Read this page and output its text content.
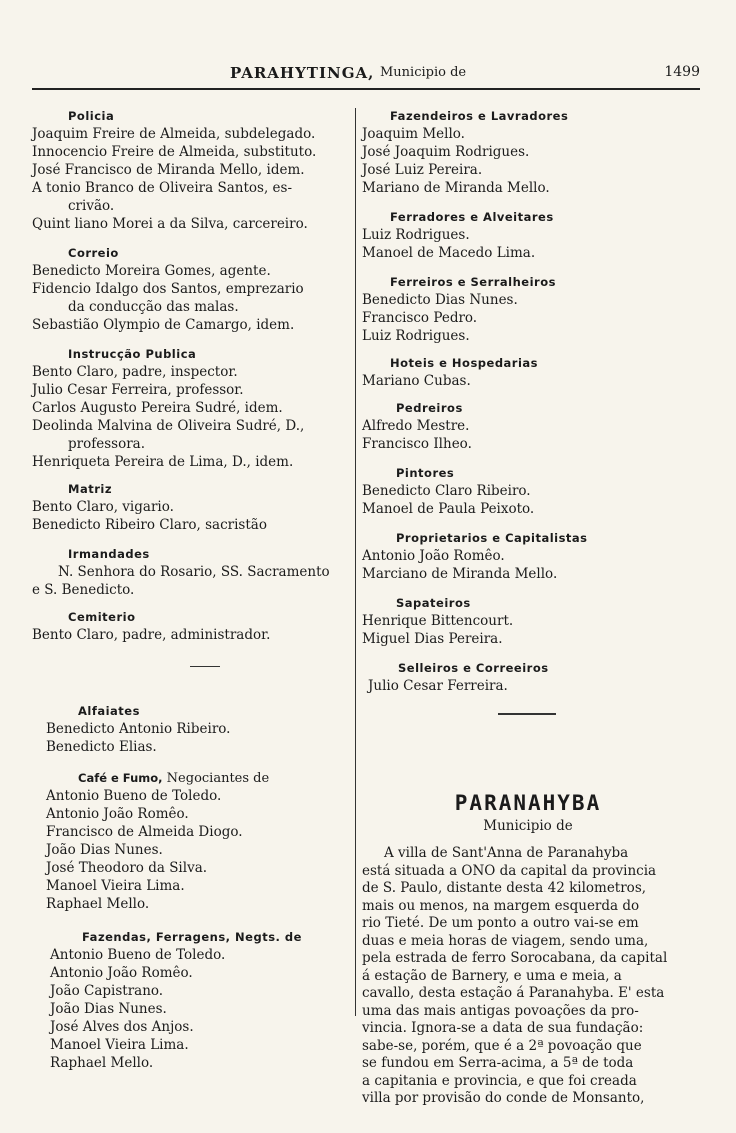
PARAHYTINGA, Municipio de	1499
Policia
Joaquim Freire de Almeida, subdelegado.
Innocencio Freire de Almeida, substituto.
José Francisco de Miranda Mello, idem.
A tonio Branco de Oliveira Santos, es-
crivão.
Quint liano Morei a da Silva, carcereiro.
Correio
Benedicto Moreira Gomes, agente.
Fidencio Idalgo dos Santos, emprezario
da conducção das malas.
Sebastião Olympio de Camargo, idem.
Instrucção Publica
Bento Claro, padre, inspector.
Julio Cesar Ferreira, professor.
Carlos Augusto Pereira Sudré, idem.
Deolinda Malvina de Oliveira Sudré, D.,
professora.
Henriqueta Pereira de Lima, D., idem.
Matriz
Bento Claro, vigario.
Benedicto Ribeiro Claro, sacristão
Irmandades
N. Senhora do Rosario, SS. Sacramento
e S. Benedicto.
Cemiterio
Bento Claro, padre, administrador.
Alfaiates
Benedicto Antonio Ribeiro.
Benedicto Elias.
Café e Fumo, Negociantes de
Antonio Bueno de Toledo.
Antonio João Romêo.
Francisco de Almeida Diogo.
João Dias Nunes.
José Theodoro da Silva.
Manoel Vieira Lima.
Raphael Mello.
Fazendas, Ferragens, Negts. de
Antonio Bueno de Toledo.
Antonio João Romêo.
João Capistrano.
João Dias Nunes.
José Alves dos Anjos.
Manoel Vieira Lima.
Raphael Mello.
Fazendeiros e Lavradores
Joaquim Mello.
José Joaquim Rodrigues.
José Luiz Pereira.
Mariano de Miranda Mello.
Ferradores e Alveitares
Luiz Rodrigues.
Manoel de Macedo Lima.
Ferreiros e Serralheiros
Benedicto Dias Nunes.
Francisco Pedro.
Luiz Rodrigues.
Hoteis e Hospedarias
Mariano Cubas.
Pedreiros
Alfredo Mestre.
Francisco Ilheo.
Pintores
Benedicto Claro Ribeiro.
Manoel de Paula Peixoto.
Proprietarios e Capitalistas
Antonio João Romêo.
Marciano de Miranda Mello.
Sapateiros
Henrique Bittencourt.
Miguel Dias Pereira.
Selleiros e Correeiros
Julio Cesar Ferreira.
PARANAHYBA
Municipio de
A villa de Sant'Anna de Paranahyba
está situada a ONO da capital da provincia
de S. Paulo, distante desta 42 kilometros,
mais ou menos, na margem esquerda do
rio Tieté. De um ponto a outro vai-se em
duas e meia horas de viagem, sendo uma,
pela estrada de ferro Sorocabana, da capital
á estação de Barnery, e uma e meia, a
cavallo, desta estação á Paranahyba. E' esta
uma das mais antigas povoações da pro-
vincia. Ignora-se a data de sua fundação:
sabe-se, porém, que é a 2ª povoação que
se fundou em Serra-acima, a 5ª de toda
a capitania e provincia, e que foi creada
villa por provisão do conde de Monsanto,
